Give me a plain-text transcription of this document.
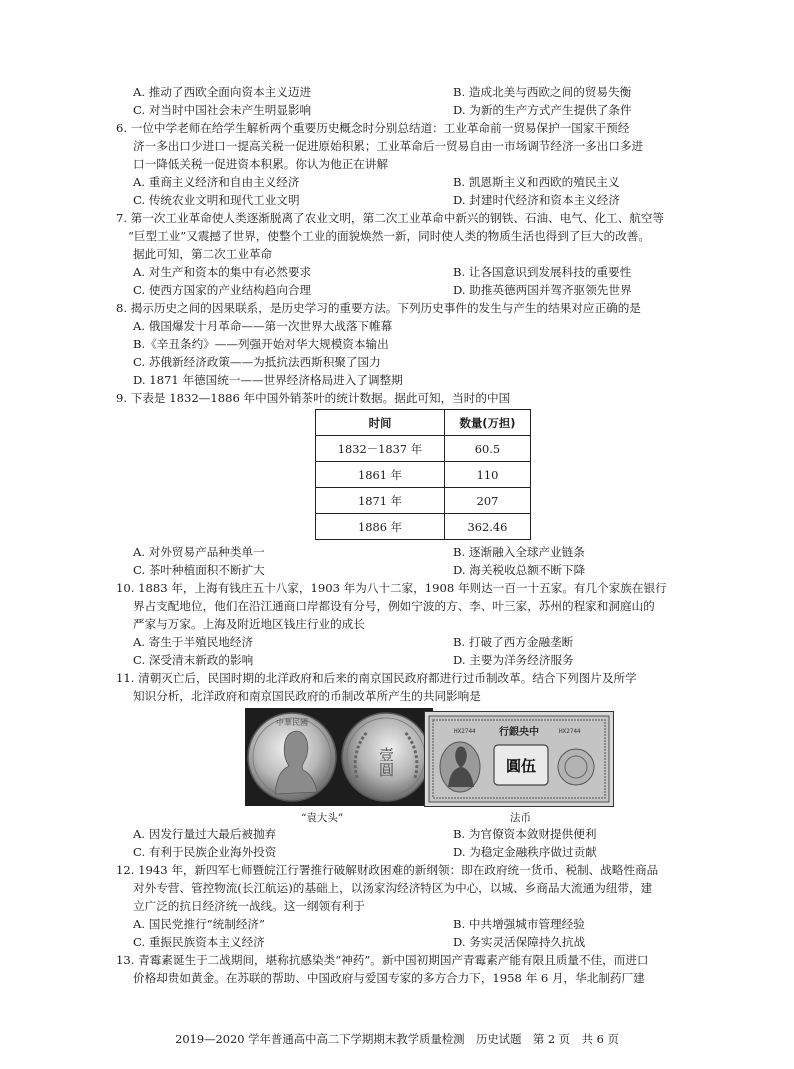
A. 推动了西欧全面向资本主义迈进	B. 造成北美与西欧之间的贸易失衡
C. 对当时中国社会未产生明显影响	D. 为新的生产方式产生提供了条件
6. 一位中学老师在给学生解析两个重要历史概念时分别总结道：工业革命前一贸易保护一国家干预经
济一多出口少进口一提高关税一促进原始积累；工业革命后一贸易自由一市场调节经济一多出口多进
口一降低关税一促进资本积累。你认为他正在讲解
A. 重商主义经济和自由主义经济	B. 凯恩斯主义和西欧的殖民主义
C. 传统农业文明和现代工业文明	D. 封建时代经济和资本主义经济
7. 第一次工业革命使人类逐渐脱离了农业文明，第二次工业革命中新兴的钢铁、石油、电气、化工、航空等
“巨型工业”又震撼了世界，使整个工业的面貌焕然一新，同时使人类的物质生活也得到了巨大的改善。
据此可知，第二次工业革命
A. 对生产和资本的集中有必然要求	B. 让各国意识到发展科技的重要性
C. 使西方国家的产业结构趋向合理	D. 助推英德两国并驾齐驱领先世界
8. 揭示历史之间的因果联系，是历史学习的重要方法。下列历史事件的发生与产生的结果对应正确的是
A. 俄国爆发十月革命——第一次世界大战落下帷幕
B.《辛丑条约》——列强开始对华大规模资本输出
C. 苏俄新经济政策——为抵抗法西斯积聚了国力
D. 1871 年德国统一——世界经济格局进入了调整期
9. 下表是 1832—1886 年中国外销茶叶的统计数据。据此可知，当时的中国
时间	数量(万担)
1832－1837 年	60.5
1861 年	110
1871 年	207
1886 年	362.46
A. 对外贸易产品种类单一	B. 逐渐融入全球产业链条
C. 茶叶种植面积不断扩大	D. 海关税收总额不断下降
10. 1883 年，上海有钱庄五十八家，1903 年为八十二家，1908 年则达一百一十五家。有几个家族在银行
界占支配地位，他们在沿江通商口岸都设有分号，例如宁波的方、李、叶三家，苏州的程家和洞庭山的
严家与万家。上海及附近地区钱庄行业的成长
A. 寄生于半殖民地经济	B. 打破了西方金融垄断
C. 深受清末新政的影响	D. 主要为洋务经济服务
11. 清朝灭亡后，民国时期的北洋政府和后来的南京国民政府都进行过币制改革。结合下列图片及所学
知识分析，北洋政府和南京国民政府的币制改革所产生的共同影响是
中華民國
壹圓
“袁大头”
行銀央中
HX2744	HX2744
圓伍
法币
A. 因发行量过大最后被抛弃	B. 为官僚资本敛财提供便利
C. 有利于民族企业海外投资	D. 为稳定金融秩序做过贡献
12. 1943 年，新四军七师暨皖江行署推行破解财政困难的新纲领：即在政府统一货币、税制、战略性商品
对外专营、管控物流(长江航运)的基础上，以汤家沟经济特区为中心，以城、乡商品大流通为纽带，建
立广泛的抗日经济统一战线。这一纲领有利于
A. 国民党推行“统制经济”	B. 中共增强城市管理经验
C. 重振民族资本主义经济	D. 务实灵活保障持久抗战
13. 青霉素诞生于二战期间，堪称抗感染类“神药”。新中国初期国产青霉素产能有限且质量不佳，而进口
价格却贵如黄金。在苏联的帮助、中国政府与爱国专家的多方合力下，1958 年 6 月，华北制药厂建
2019—2020 学年普通高中高二下学期期末教学质量检测　历史试题　第 2 页　共 6 页
